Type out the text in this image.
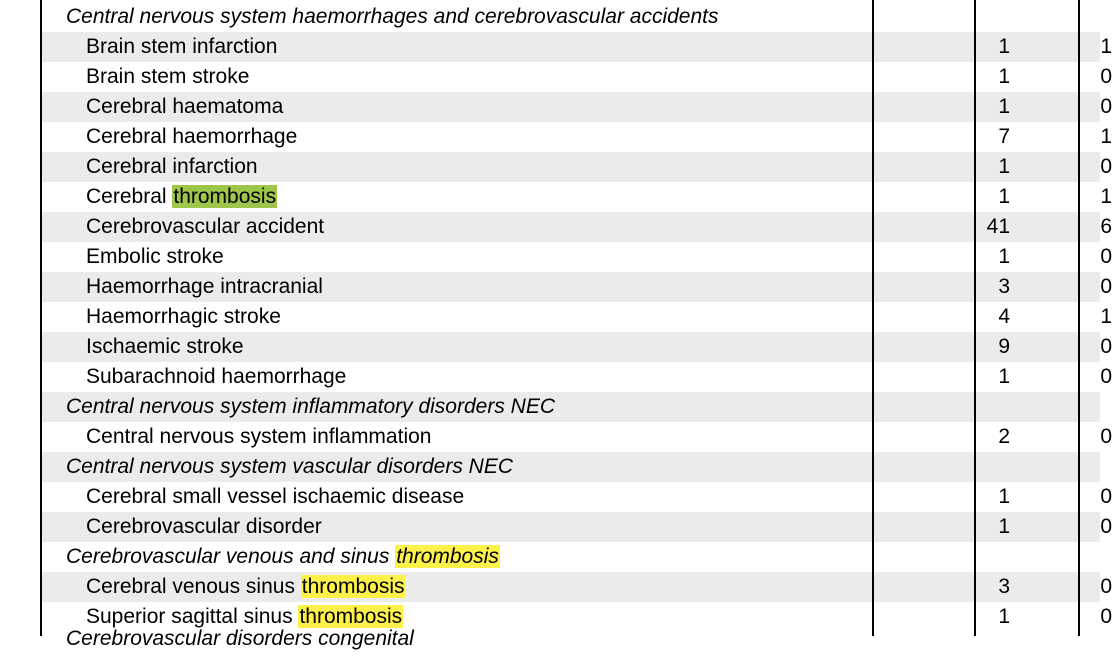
Central nervous system haemorrhages and cerebrovascular accidents
Brain stem infarction	1	1
Brain stem stroke	1	0
Cerebral haematoma	1	0
Cerebral haemorrhage	7	1
Cerebral infarction	1	0
Cerebral thrombosis	1	1
Cerebrovascular accident	41	6
Embolic stroke	1	0
Haemorrhage intracranial	3	0
Haemorrhagic stroke	4	1
Ischaemic stroke	9	0
Subarachnoid haemorrhage	1	0
Central nervous system inflammatory disorders NEC
Central nervous system inflammation	2	0
Central nervous system vascular disorders NEC
Cerebral small vessel ischaemic disease	1	0
Cerebrovascular disorder	1	0
Cerebrovascular venous and sinus thrombosis
Cerebral venous sinus thrombosis	3	0
Superior sagittal sinus thrombosis	1	0
Cerebrovascular disorders congenital
